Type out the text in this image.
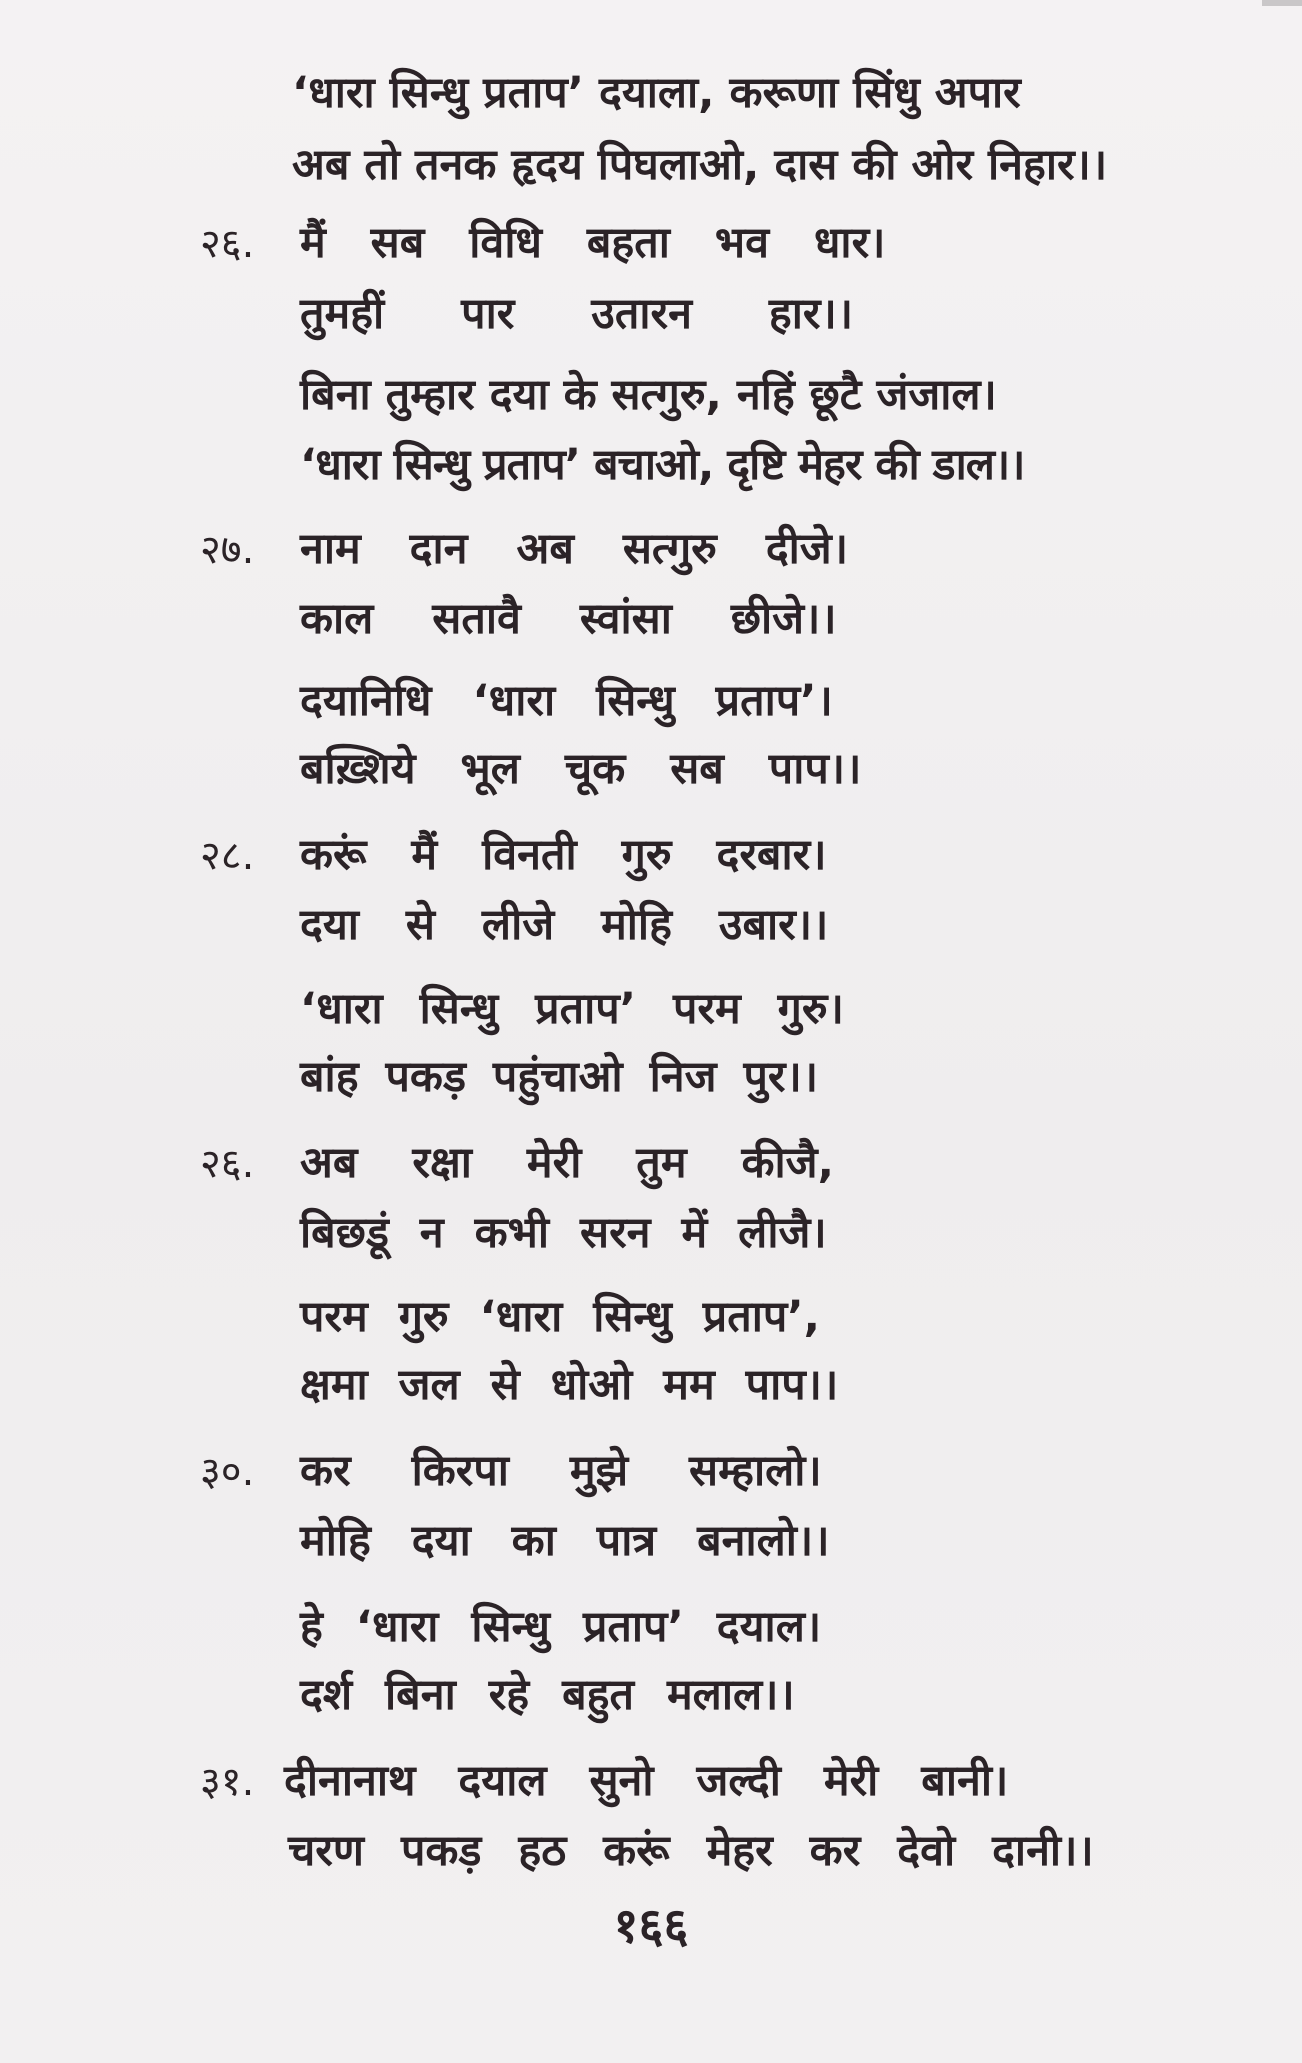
‘धारा सिन्धु प्रताप’ दयाला, करूणा सिंधु अपार

अब तो तनक हृदय पिघलाओ, दास की ओर निहार।।

२६.	मैं सब विधि बहता भव धार।

तुमहीं पार उतारन हार।।

बिना तुम्हार दया के सत्गुरु, नहिं छूटै जंजाल।

‘धारा सिन्धु प्रताप’ बचाओ, दृष्टि मेहर की डाल।।

२७.	नाम दान अब सत्गुरु दीजे।

काल सतावै स्वांसा छीजे।।

दयानिधि ‘धारा सिन्धु प्रताप’।

बख़्शिये भूल चूक सब पाप।।

२८.	करूं मैं विनती गुरु दरबार।

दया से लीजे मोहि उबार।।

‘धारा सिन्धु प्रताप’ परम गुरु।

बांह पकड़ पहुंचाओ निज पुर।।

२६.	अब रक्षा मेरी तुम कीजै,

बिछडूं न कभी सरन में लीजै।

परम गुरु ‘धारा सिन्धु प्रताप’,

क्षमा जल से धोओ मम पाप।।

३०.	कर किरपा मुझे सम्हालो।

मोहि दया का पात्र बनालो।।

हे ‘धारा सिन्धु प्रताप’ दयाल।

दर्श बिना रहे बहुत मलाल।।

३१. दीनानाथ दयाल सुनो जल्दी मेरी बानी।

चरण पकड़ हठ करूं मेहर कर देवो दानी।।

१६६
